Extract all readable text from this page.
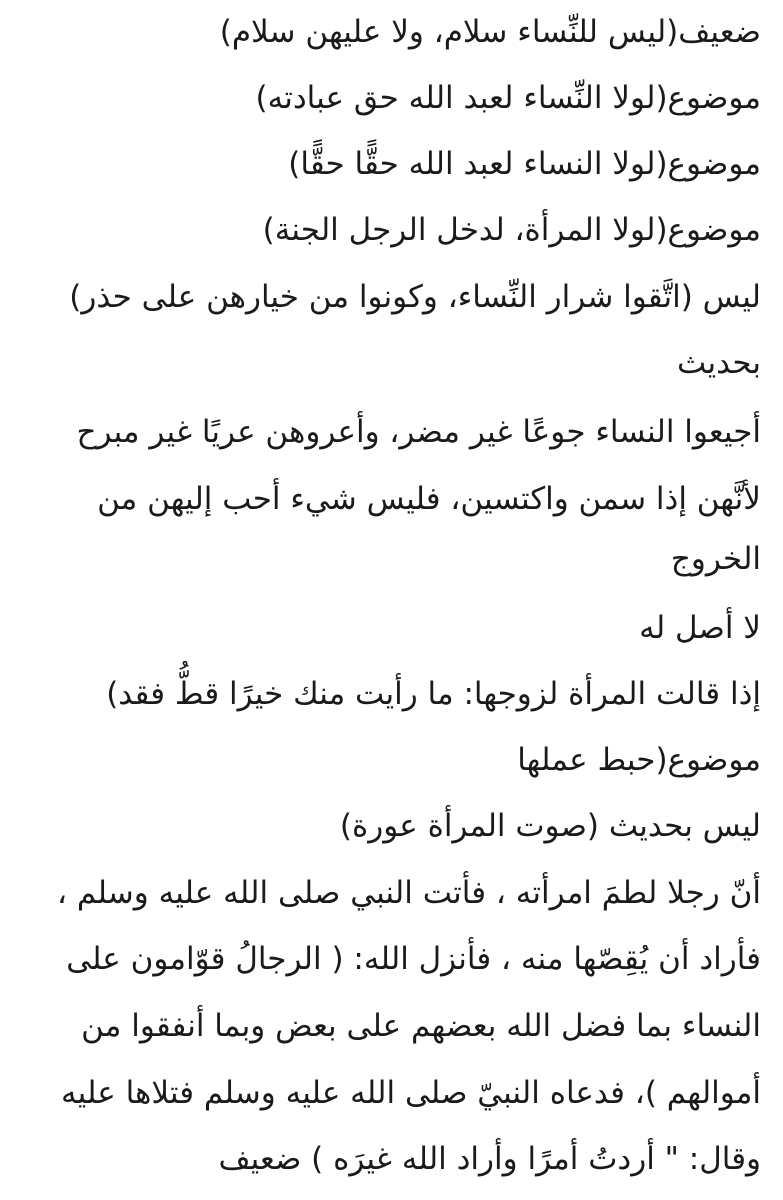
ضعيف(ليس للنِّساء سلام، ولا عليهن سلام)
موضوع(لولا النِّساء لعبد الله حق عبادته)
موضوع(لولا النساء لعبد الله حقًّا حقًّا)
موضوع(لولا المرأة، لدخل الرجل الجنة)
ليس (اتَّقوا شرار النِّساء، وكونوا من خيارهن على حذر)
بحديث
أجيعوا النساء جوعًا غير مضر، وأعروهن عريًا غير مبرح
لأنَّهن إذا سمن واكتسين، فليس شيء أحب إليهن من
الخروج
لا أصل له
إذا قالت المرأة لزوجها: ما رأيت منك خيرًا قطُّ فقد)
موضوع(حبط عملها
ليس بحديث (صوت المرأة عورة)
أنّ رجلا لطمَ امرأته ، فأتت النبي صلى الله عليه وسلم ،
فأراد أن يُقِصّها منه ، فأنزل الله: ( الرجالُ قوّامون على
النساء بما فضل الله بعضهم على بعض وبما أنفقوا من
أموالهم )، فدعاه النبيّ صلى الله عليه وسلم فتلاها عليه
وقال: " أردتُ أمرًا وأراد الله غيرَه ) ضعيف
